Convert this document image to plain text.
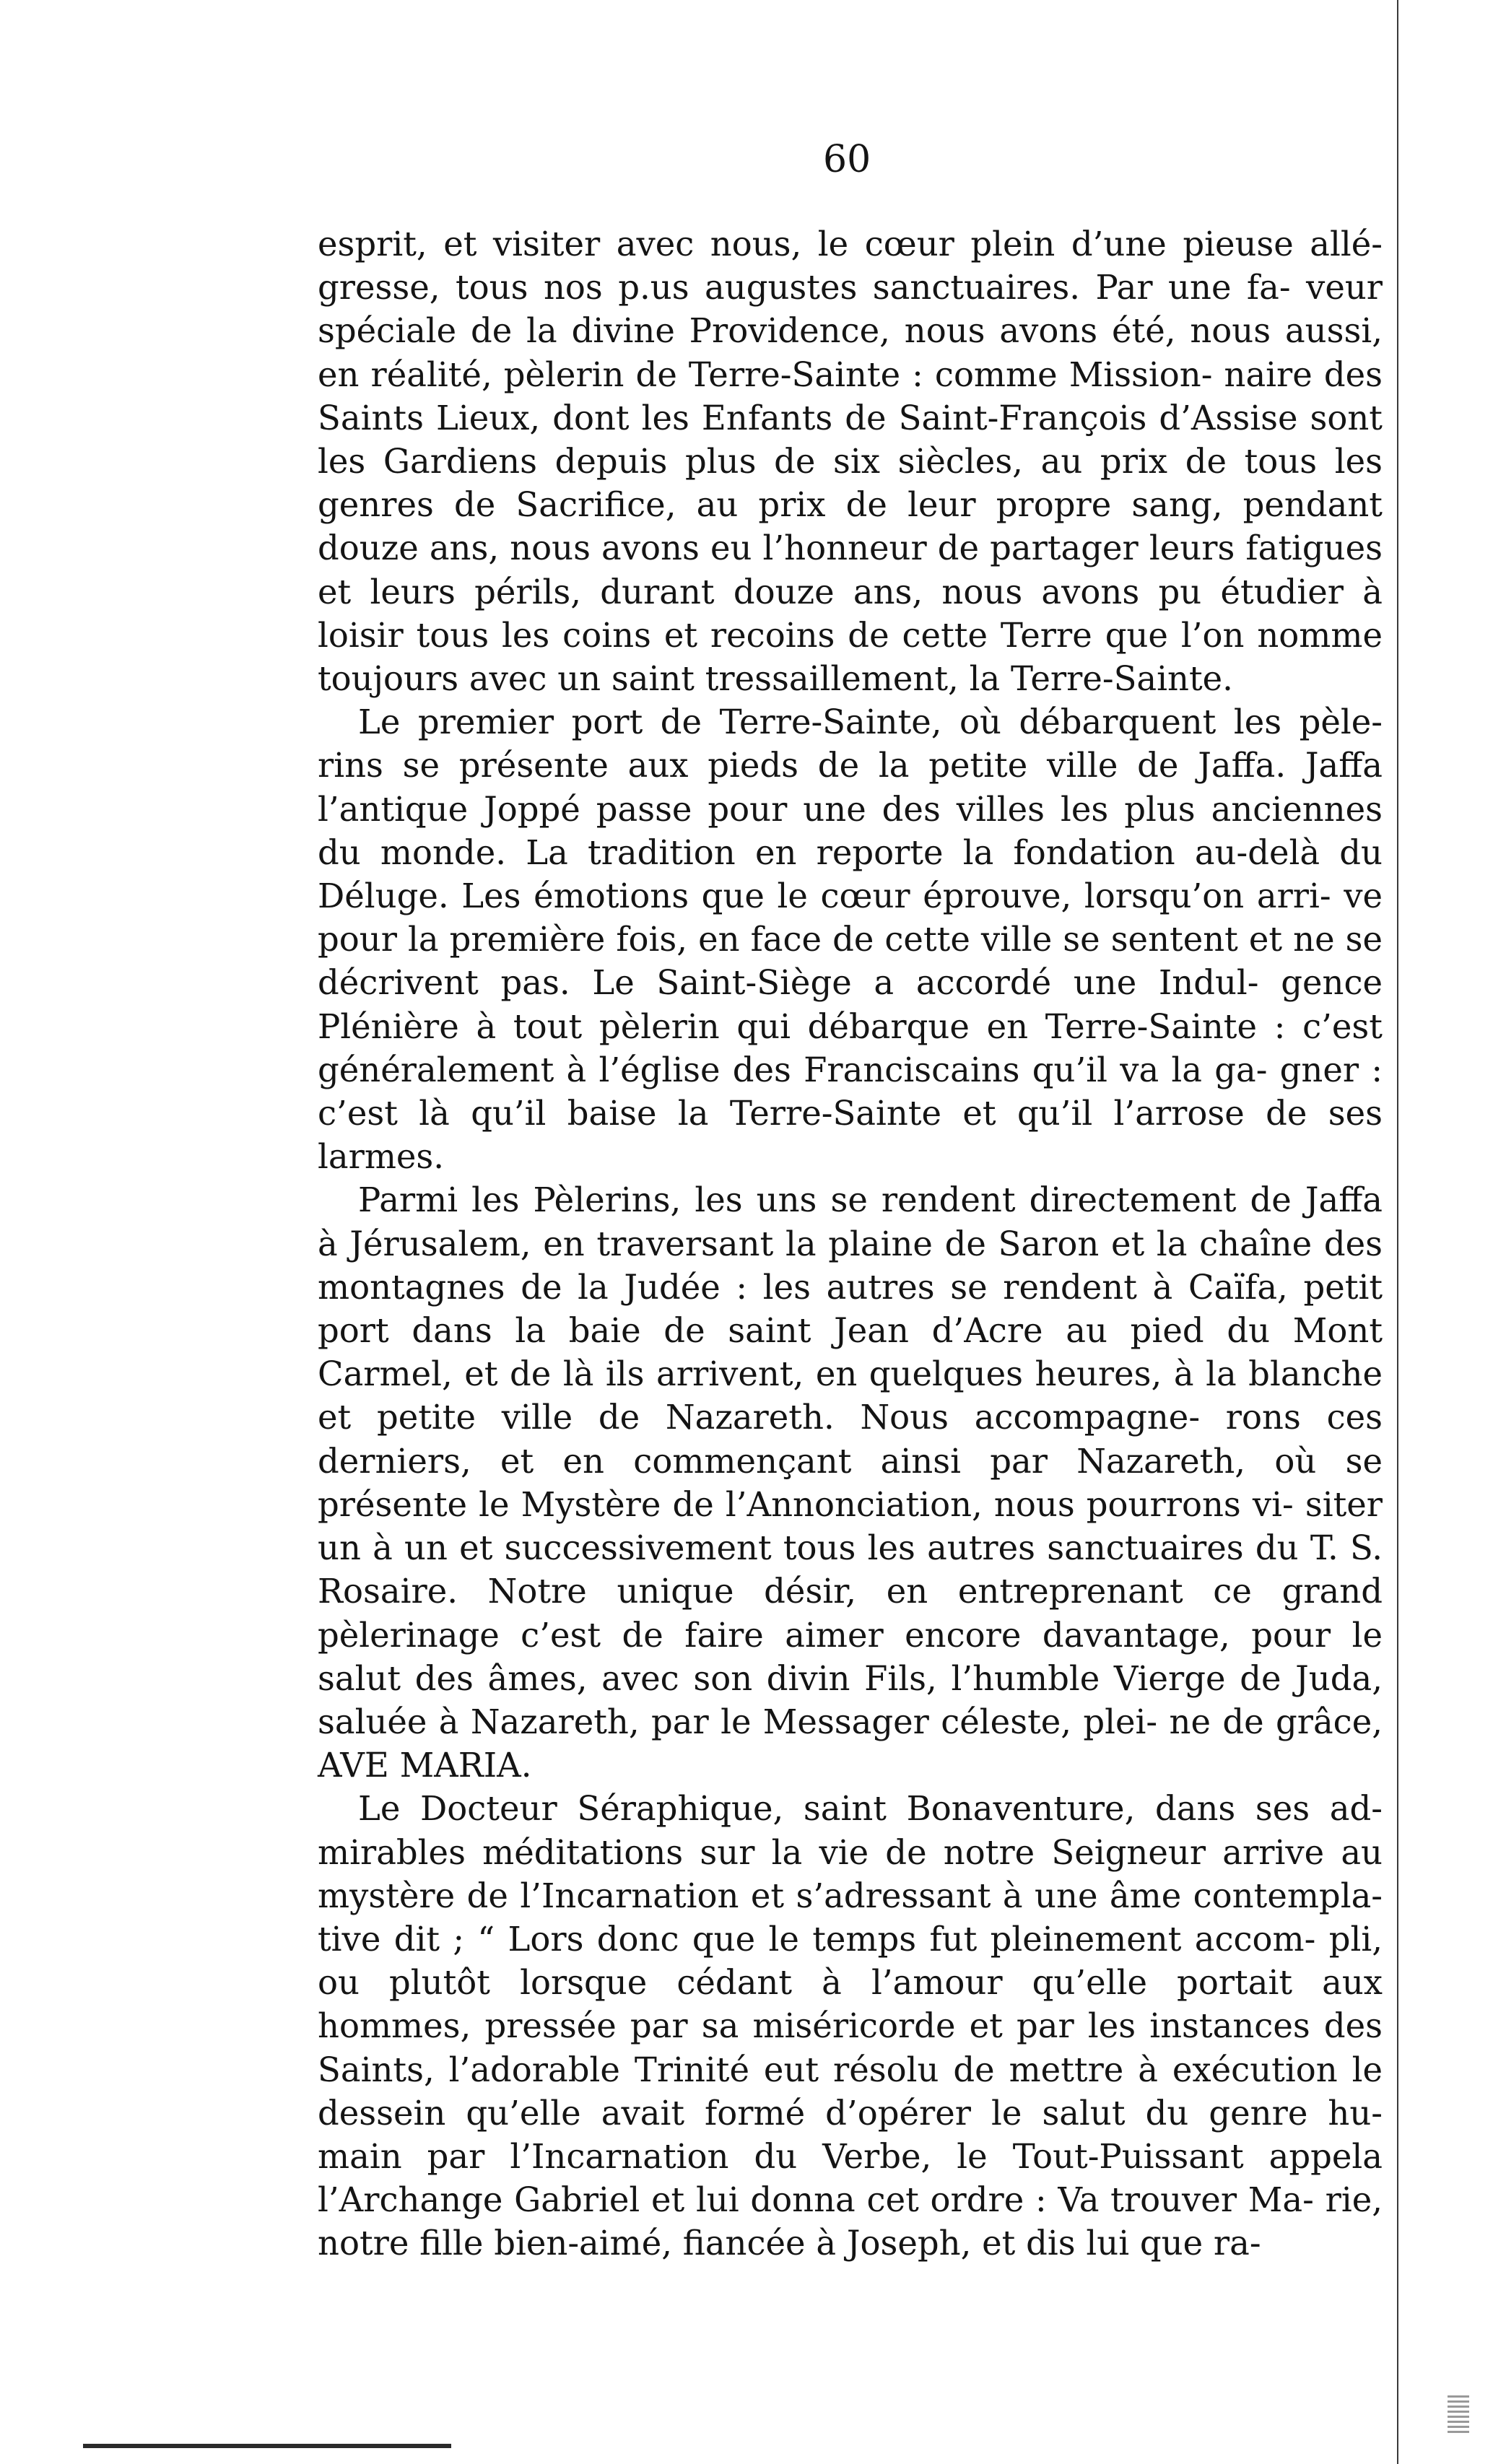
60

esprit, et visiter avec nous, le cœur plein d’une pieuse allé- gresse, tous nos p.us augustes sanctuaires. Par une fa- veur spéciale de la divine Providence, nous avons été, nous aussi, en réalité, pèlerin de Terre-Sainte : comme Mission- naire des Saints Lieux, dont les Enfants de Saint-François d’Assise sont les Gardiens depuis plus de six siècles, au prix de tous les genres de Sacrifice, au prix de leur propre sang, pendant douze ans, nous avons eu l’honneur de partager leurs fatigues et leurs périls, durant douze ans, nous avons pu étudier à loisir tous les coins et recoins de cette Terre que l’on nomme toujours avec un saint tressaillement, la Terre-Sainte.

Le premier port de Terre-Sainte, où débarquent les pèle- rins se présente aux pieds de la petite ville de Jaffa. Jaffa l’antique Joppé passe pour une des villes les plus anciennes du monde. La tradition en reporte la fondation au-delà du Déluge. Les émotions que le cœur éprouve, lorsqu’on arri- ve pour la première fois, en face de cette ville se sentent et ne se décrivent pas. Le Saint-Siège a accordé une Indul- gence Plénière à tout pèlerin qui débarque en Terre-Sainte : c’est généralement à l’église des Franciscains qu’il va la ga- gner : c’est là qu’il baise la Terre-Sainte et qu’il l’arrose de ses larmes.

Parmi les Pèlerins, les uns se rendent directement de Jaffa à Jérusalem, en traversant la plaine de Saron et la chaîne des montagnes de la Judée : les autres se rendent à Caïfa, petit port dans la baie de saint Jean d’Acre au pied du Mont Carmel, et de là ils arrivent, en quelques heures, à la blanche et petite ville de Nazareth. Nous accompagne- rons ces derniers, et en commençant ainsi par Nazareth, où se présente le Mystère de l’Annonciation, nous pourrons vi- siter un à un et successivement tous les autres sanctuaires du T. S. Rosaire. Notre unique désir, en entreprenant ce grand pèlerinage c’est de faire aimer encore davantage, pour le salut des âmes, avec son divin Fils, l’humble Vierge de Juda, saluée à Nazareth, par le Messager céleste, plei- ne de grâce, AVE MARIA.

Le Docteur Séraphique, saint Bonaventure, dans ses ad- mirables méditations sur la vie de notre Seigneur arrive au mystère de l’Incarnation et s’adressant à une âme contempla- tive dit ; “ Lors donc que le temps fut pleinement accom- pli, ou plutôt lorsque cédant à l’amour qu’elle portait aux hommes, pressée par sa miséricorde et par les instances des Saints, l’adorable Trinité eut résolu de mettre à exécution le dessein qu’elle avait formé d’opérer le salut du genre hu- main par l’Incarnation du Verbe, le Tout-Puissant appela l’Archange Gabriel et lui donna cet ordre : Va trouver Ma- rie, notre fille bien-aimé, fiancée à Joseph, et dis lui que ra-
